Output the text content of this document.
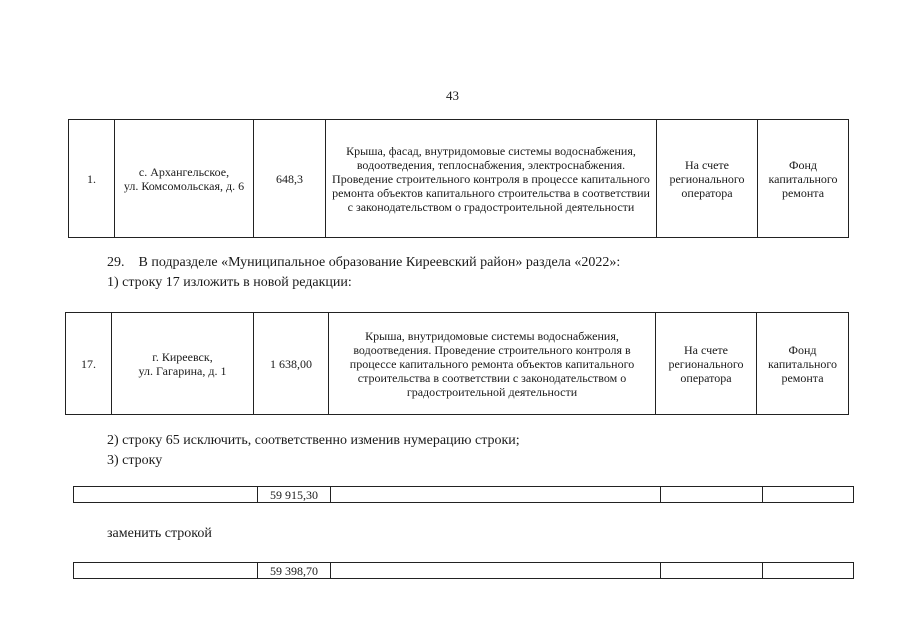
43
1.	с. Архангельское,
ул. Комсомольская, д. 6	648,3	Крыша, фасад, внутридомовые системы водоснабжения, водоотведения, теплоснабжения, электроснабжения. Проведение строительного контроля в процессе капитального ремонта объектов капитального строительства в соответствии с законодательством о градостроительной деятельности	На счете регионального оператора	Фонд капитального ремонта
29.    В подразделе «Муниципальное образование Киреевский район» раздела «2022»:
1) строку 17 изложить в новой редакции:
17.	г. Киреевск,
ул. Гагарина, д. 1	1 638,00	Крыша, внутридомовые системы водоснабжения, водоотведения. Проведение строительного контроля в процессе капитального ремонта объектов капитального строительства в соответствии с законодательством о градостроительной деятельности	На счете регионального оператора	Фонд капитального ремонта
2) строку 65 исключить, соответственно изменив нумерацию строки;
3) строку
	59 915,30			
заменить строкой
	59 398,70			
